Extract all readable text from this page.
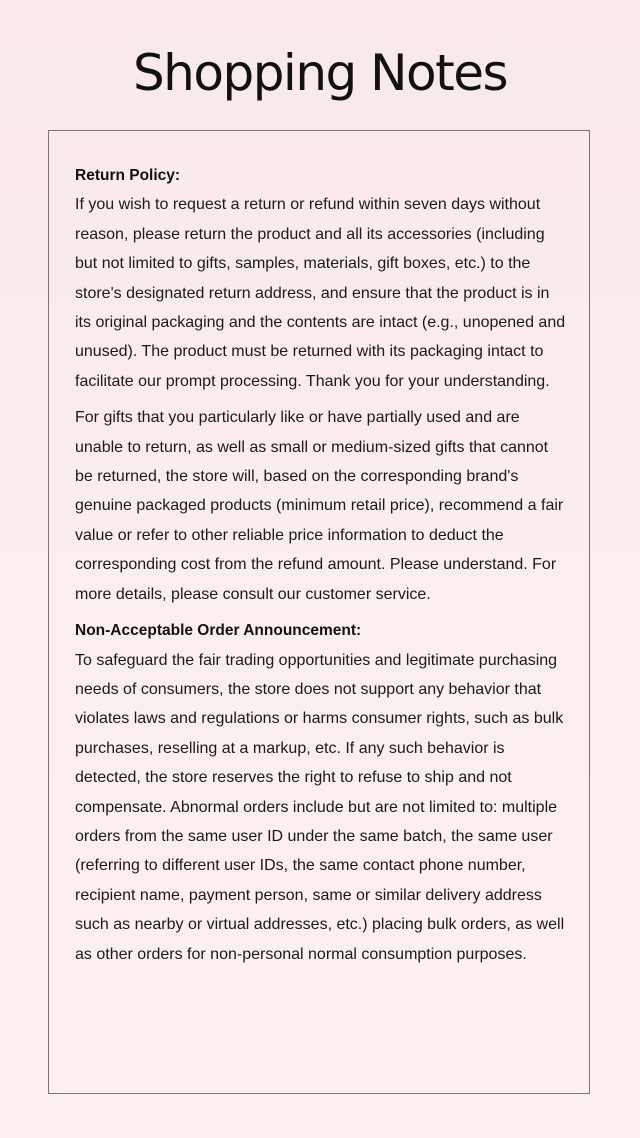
Shopping Notes
Return Policy:

If you wish to request a return or refund within seven days without reason, please return the product and all its accessories (including but not limited to gifts, samples, materials, gift boxes, etc.) to the store's designated return address, and ensure that the product is in its original packaging and the contents are intact (e.g., unopened and unused). The product must be returned with its packaging intact to facilitate our prompt processing. Thank you for your understanding.

For gifts that you particularly like or have partially used and are unable to return, as well as small or medium-sized gifts that cannot be returned, the store will, based on the corresponding brand's genuine packaged products (minimum retail price), recommend a fair value or refer to other reliable price information to deduct the corresponding cost from the refund amount. Please understand. For more details, please consult our customer service.

Non-Acceptable Order Announcement:

To safeguard the fair trading opportunities and legitimate purchasing needs of consumers, the store does not support any behavior that violates laws and regulations or harms consumer rights, such as bulk purchases, reselling at a markup, etc. If any such behavior is detected, the store reserves the right to refuse to ship and not compensate. Abnormal orders include but are not limited to: multiple orders from the same user ID under the same batch, the same user (referring to different user IDs, the same contact phone number, recipient name, payment person, same or similar delivery address such as nearby or virtual addresses, etc.) placing bulk orders, as well as other orders for non-personal normal consumption purposes.
